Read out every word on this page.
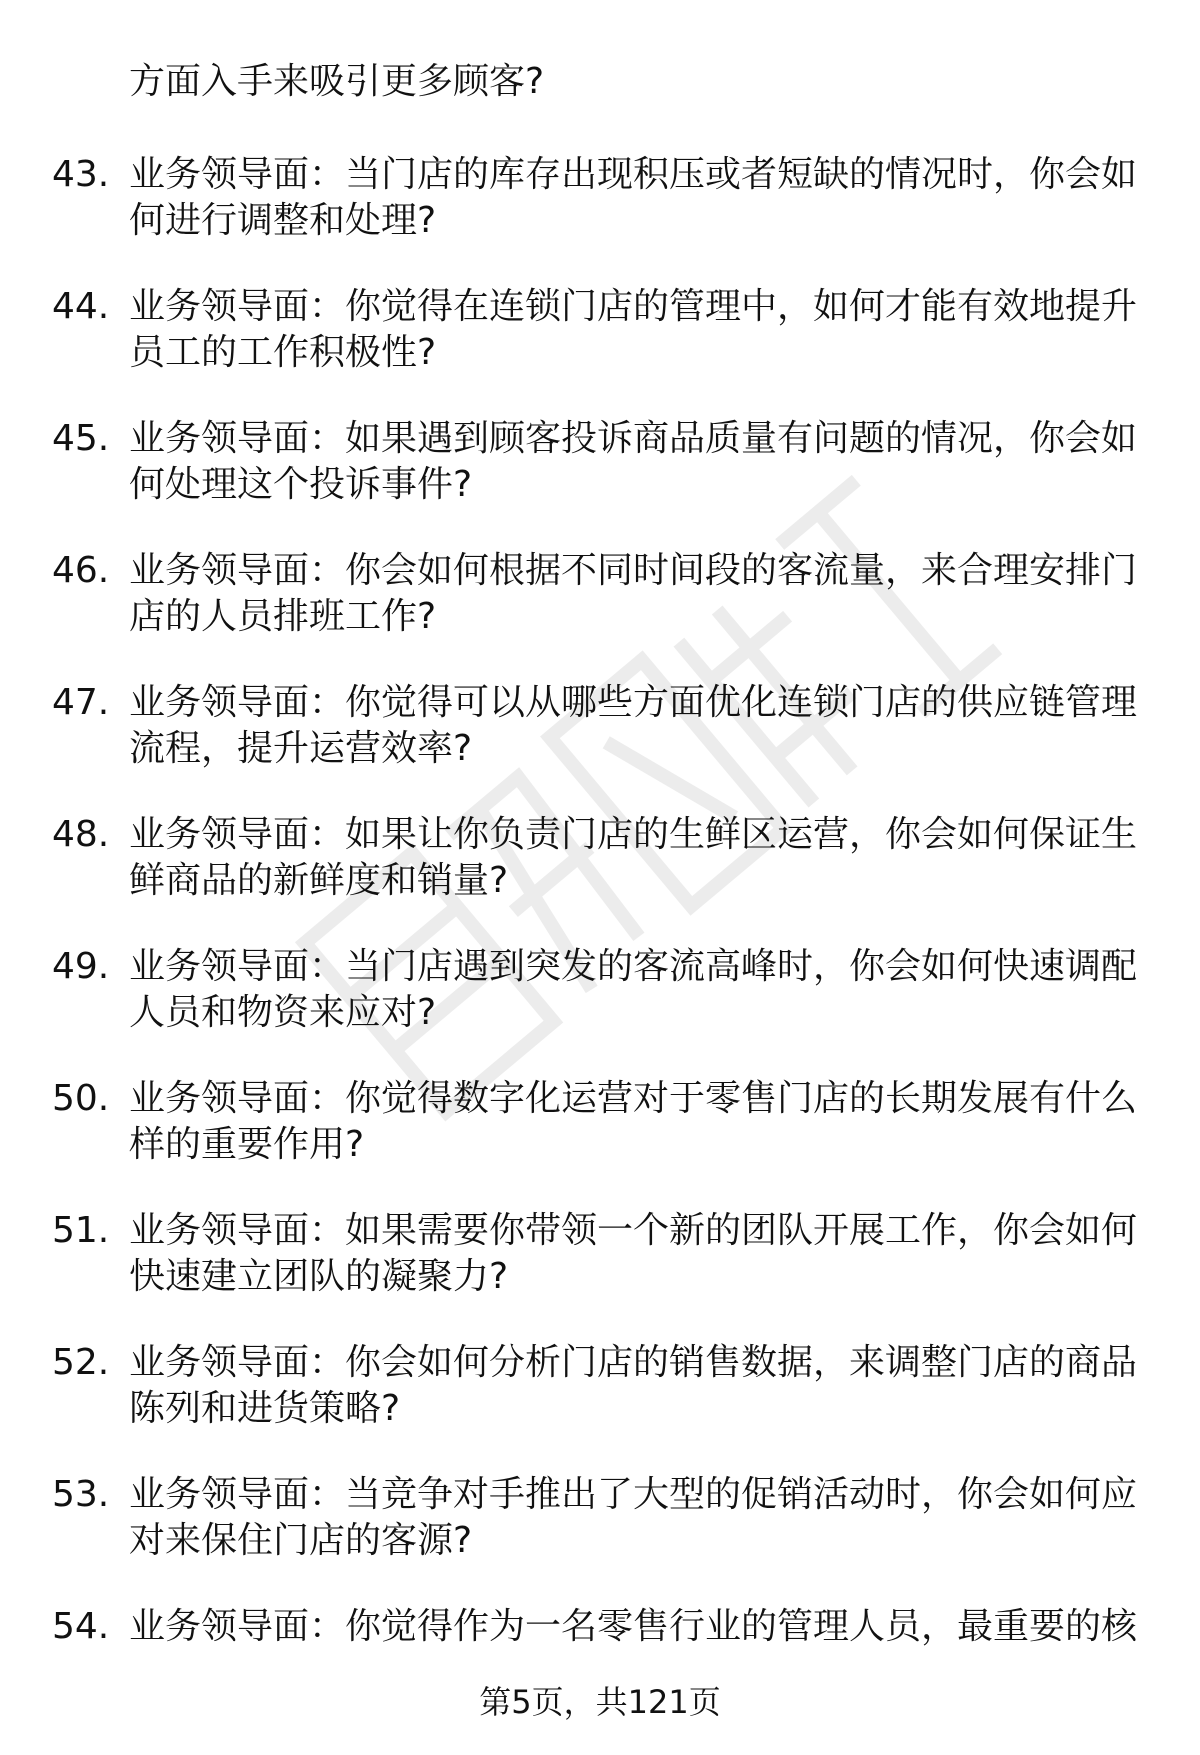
方面入手来吸引更多顾客?
43. 业务领导面：当门店的库存出现积压或者短缺的情况时，你会如
何进行调整和处理?
44. 业务领导面：你觉得在连锁门店的管理中，如何才能有效地提升
员工的工作积极性?
45. 业务领导面：如果遇到顾客投诉商品质量有问题的情况，你会如
何处理这个投诉事件?
46. 业务领导面：你会如何根据不同时间段的客流量，来合理安排门
店的人员排班工作?
47. 业务领导面：你觉得可以从哪些方面优化连锁门店的供应链管理
流程，提升运营效率?
48. 业务领导面：如果让你负责门店的生鲜区运营，你会如何保证生
鲜商品的新鲜度和销量?
49. 业务领导面：当门店遇到突发的客流高峰时，你会如何快速调配
人员和物资来应对?
50. 业务领导面：你觉得数字化运营对于零售门店的长期发展有什么
样的重要作用?
51. 业务领导面：如果需要你带领一个新的团队开展工作，你会如何
快速建立团队的凝聚力?
52. 业务领导面：你会如何分析门店的销售数据，来调整门店的商品
陈列和进货策略?
53. 业务领导面：当竞争对手推出了大型的促销活动时，你会如何应
对来保住门店的客源?
54. 业务领导面：你觉得作为一名零售行业的管理人员，最重要的核
第5页，共121页
